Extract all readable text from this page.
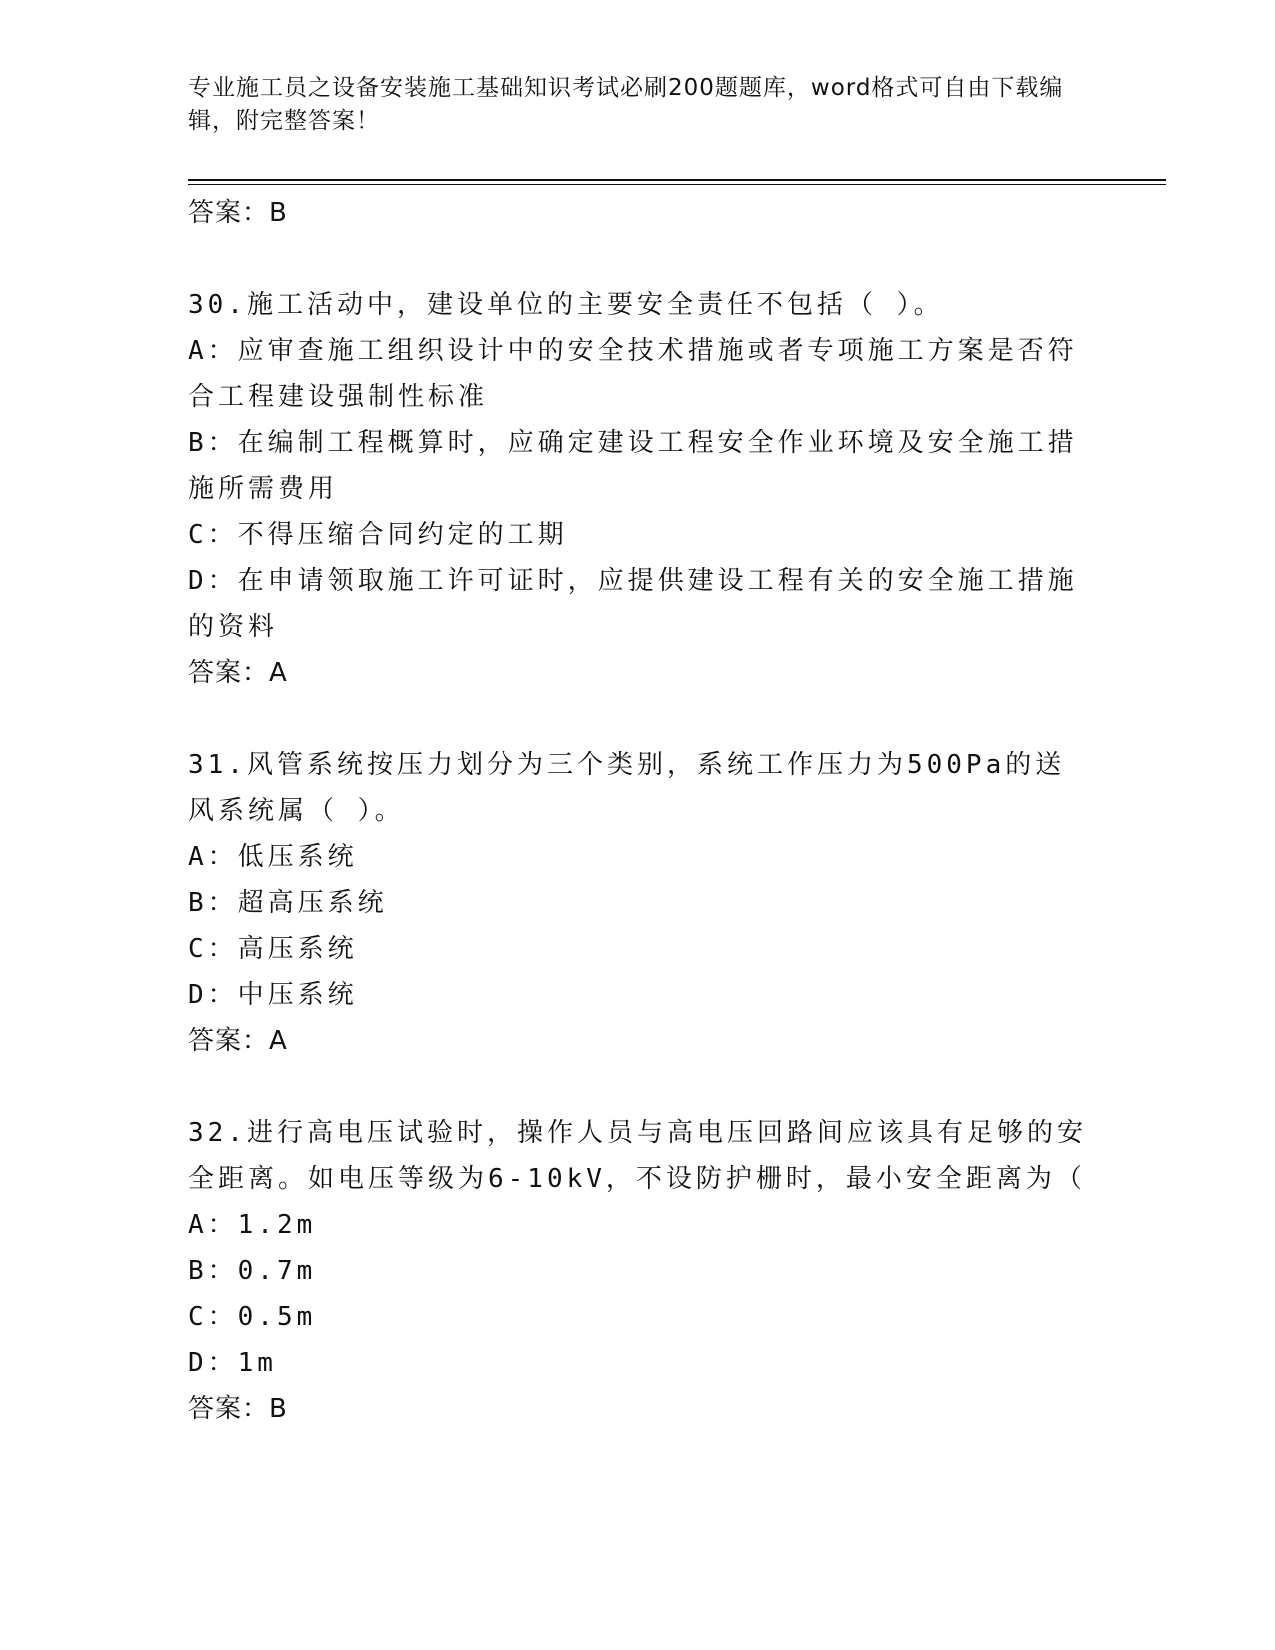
专业施工员之设备安装施工基础知识考试必刷200题题库，word格式可自由下载编辑，附完整答案！

答案：B

30.施工活动中，建设单位的主要安全责任不包括（ ）。

A：应审查施工组织设计中的安全技术措施或者专项施工方案是否符合工程建设强制性标准

B：在编制工程概算时，应确定建设工程安全作业环境及安全施工措施所需费用

C：不得压缩合同约定的工期

D：在申请领取施工许可证时，应提供建设工程有关的安全施工措施的资料

答案：A

31.风管系统按压力划分为三个类别，系统工作压力为500Pa的送风系统属（ ）。

A：低压系统

B：超高压系统

C：高压系统

D：中压系统

答案：A

32.进行高电压试验时，操作人员与高电压回路间应该具有足够的安全距离。如电压等级为6-10kV，不设防护栅时，最小安全距离为（

A：1.2m

B：0.7m

C：0.5m

D：1m

答案：B
